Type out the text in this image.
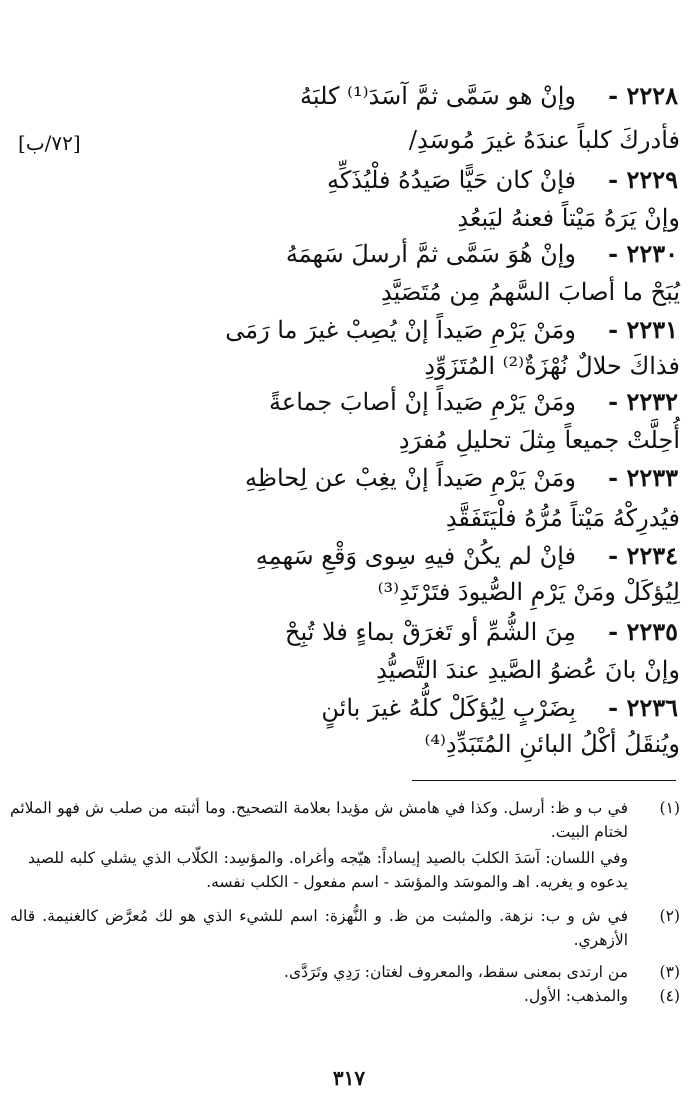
٢٢٢٨ -
وإنْ هو سَمَّى ثمَّ آسَدَ⁽¹⁾ كلبَهُ
فأدركَ كلباً عندَهُ غيرَ مُوسَدِ/
[٧٢/ب]
٢٢٢٩ -
فإنْ كان حَيًّا صَيدُهُ فلْيُذَكِّهِ
وإنْ يَرَهُ مَيْتاً فعنهُ ليَبعُدِ
٢٢٣٠ -
وإنْ هُوَ سَمَّى ثمَّ أرسلَ سَهمَهُ
يُبَحْ ما أصابَ السَّهمُ مِن مُتَصَيَّدِ
٢٢٣١ -
ومَنْ يَرْمِ صَيداً إنْ يُصِبْ غيرَ ما رَمَى
فذاكَ حلالٌ نُهْزَةٌ⁽²⁾ المُتَزَوِّدِ
٢٢٣٢ -
ومَنْ يَرْمِ صَيداً إنْ أصابَ جماعةً
أُحِلَّتْ جميعاً مِثلَ تحليلِ مُفرَدِ
٢٢٣٣ -
ومَنْ يَرْمِ صَيداً إنْ يغِبْ عن لِحاظِهِ
فيُدرِكْهُ مَيْتاً مُرُّهُ فلْيَتَفَقَّدِ
٢٢٣٤ -
فإنْ لم يكُنْ فيهِ سِوى وَقْعِ سَهمِهِ
لِيُؤكَلْ ومَنْ يَرْمِ الصُّيودَ فتَرْتَدِ⁽³⁾
٢٢٣٥ -
مِنَ الشُّمِّ أو تَغرَقْ بماءٍ فلا تُبِحْ
وإنْ بانَ عُضوُ الصَّيدِ عندَ التَّصيُّدِ
٢٢٣٦ -
بِضَرْبٍ لِيُؤكَلْ كلُّهُ غيرَ بائنٍ
ويُنقَلُ أكْلُ البائنِ المُتَبَدِّدِ⁽⁴⁾
(١)
في ب و ظ: أرسل. وكذا في هامش ش مؤيدا بعلامة التصحيح. وما أثبته من صلب ش فهو الملائم لختام البيت.
وفي اللسان: آسَدَ الكلبَ بالصيد إيساداً: هيّجه وأغراه. والمؤسِد: الكلّاب الذي يشلي كلبه للصيد يدعوه و يغريه. اهـ والموسَد والمؤسَد - اسم مفعول - الكلب نفسه.
(٢)
في ش و ب: نزهة. والمثبت من ظ. و النُّهزة: اسم للشيء الذي هو لك مُعرَّض كالغنيمة. قاله الأزهري.
(٣)
من ارتدى بمعنى سقط، والمعروف لغتان: رَدِي وتَرَدَّى.
(٤)
والمذهب: الأول.
٣١٧
